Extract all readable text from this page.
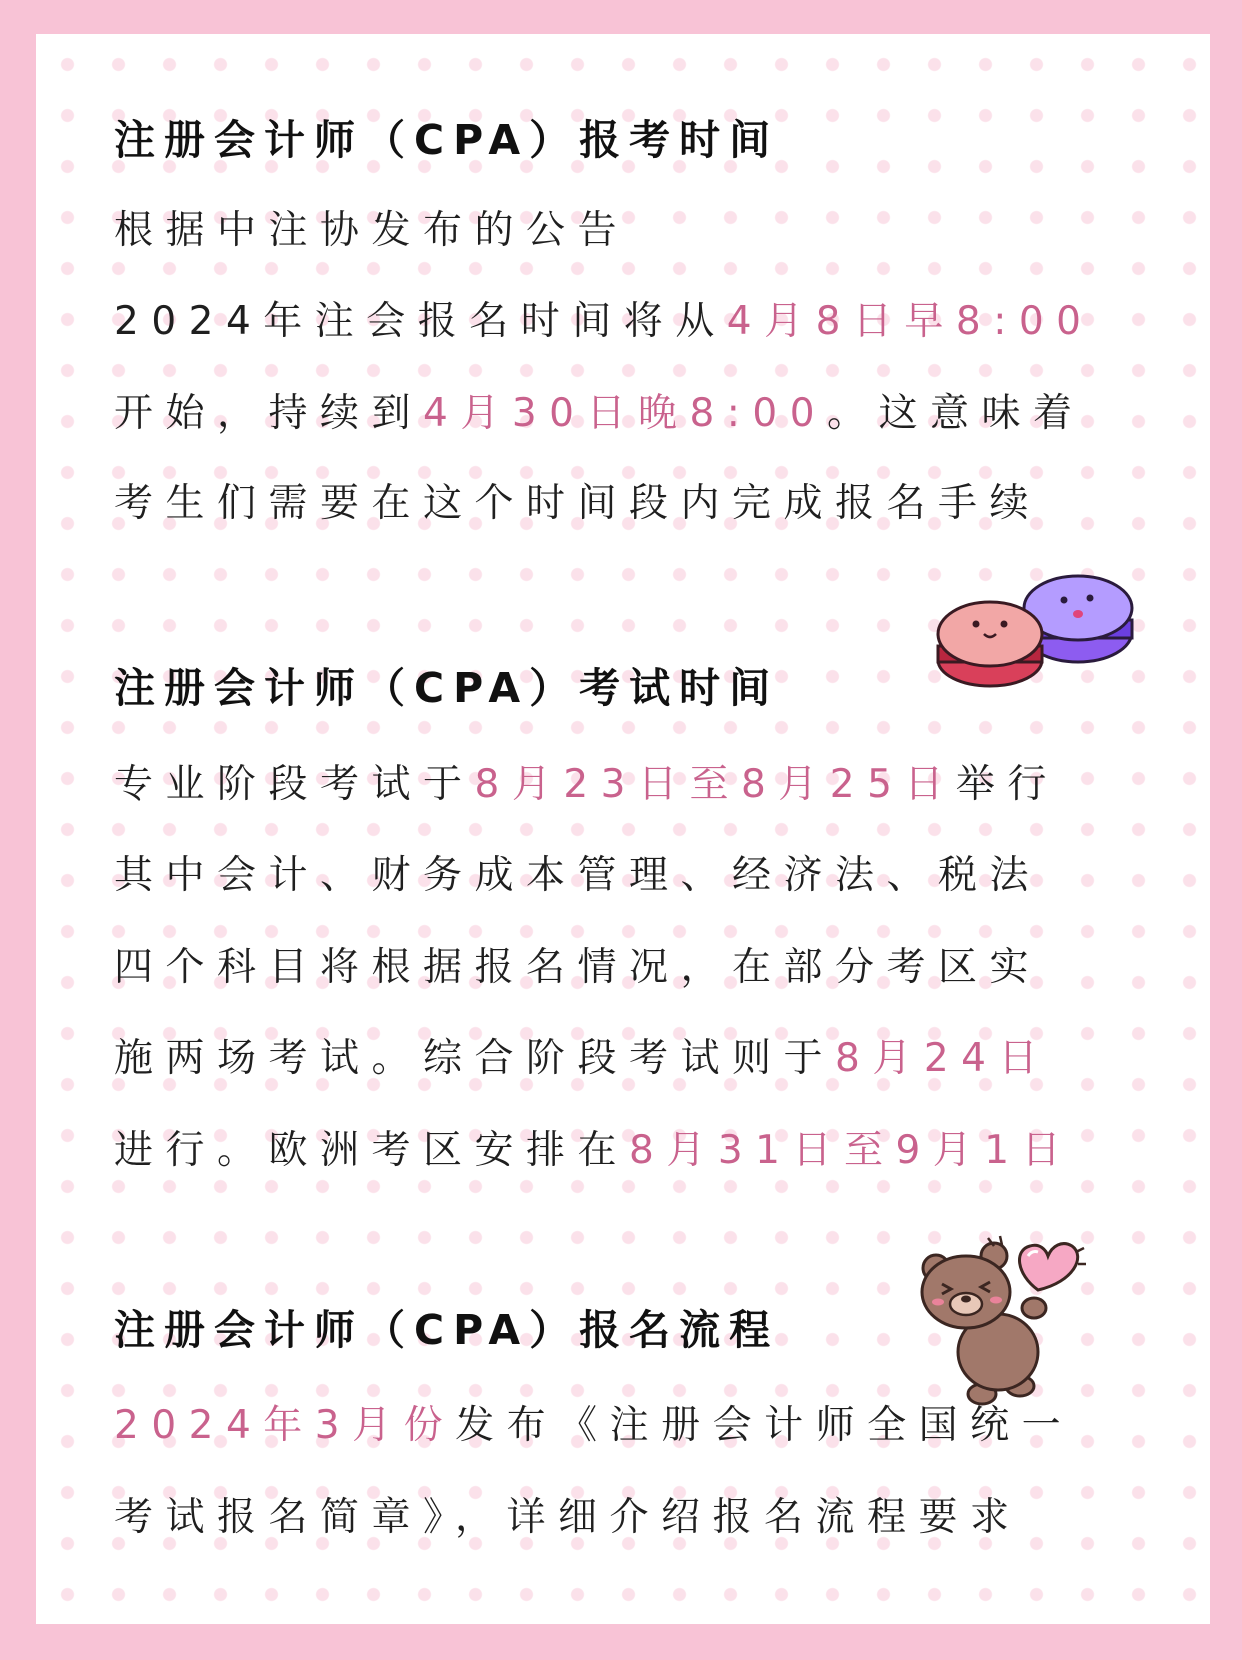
注册会计师（CPA）报考时间
根据中注协发布的公告
2024年注会报名时间将从4月8日早8:00
开始，持续到4月30日晚8:00。这意味着
考生们需要在这个时间段内完成报名手续
注册会计师（CPA）考试时间
专业阶段考试于8月23日至8月25日举行
其中会计、财务成本管理、经济法、税法
四个科目将根据报名情况，在部分考区实
施两场考试。综合阶段考试则于8月24日
进行。欧洲考区安排在8月31日至9月1日
注册会计师（CPA）报名流程
2024年3月份发布《注册会计师全国统一
考试报名简章》，详细介绍报名流程要求
